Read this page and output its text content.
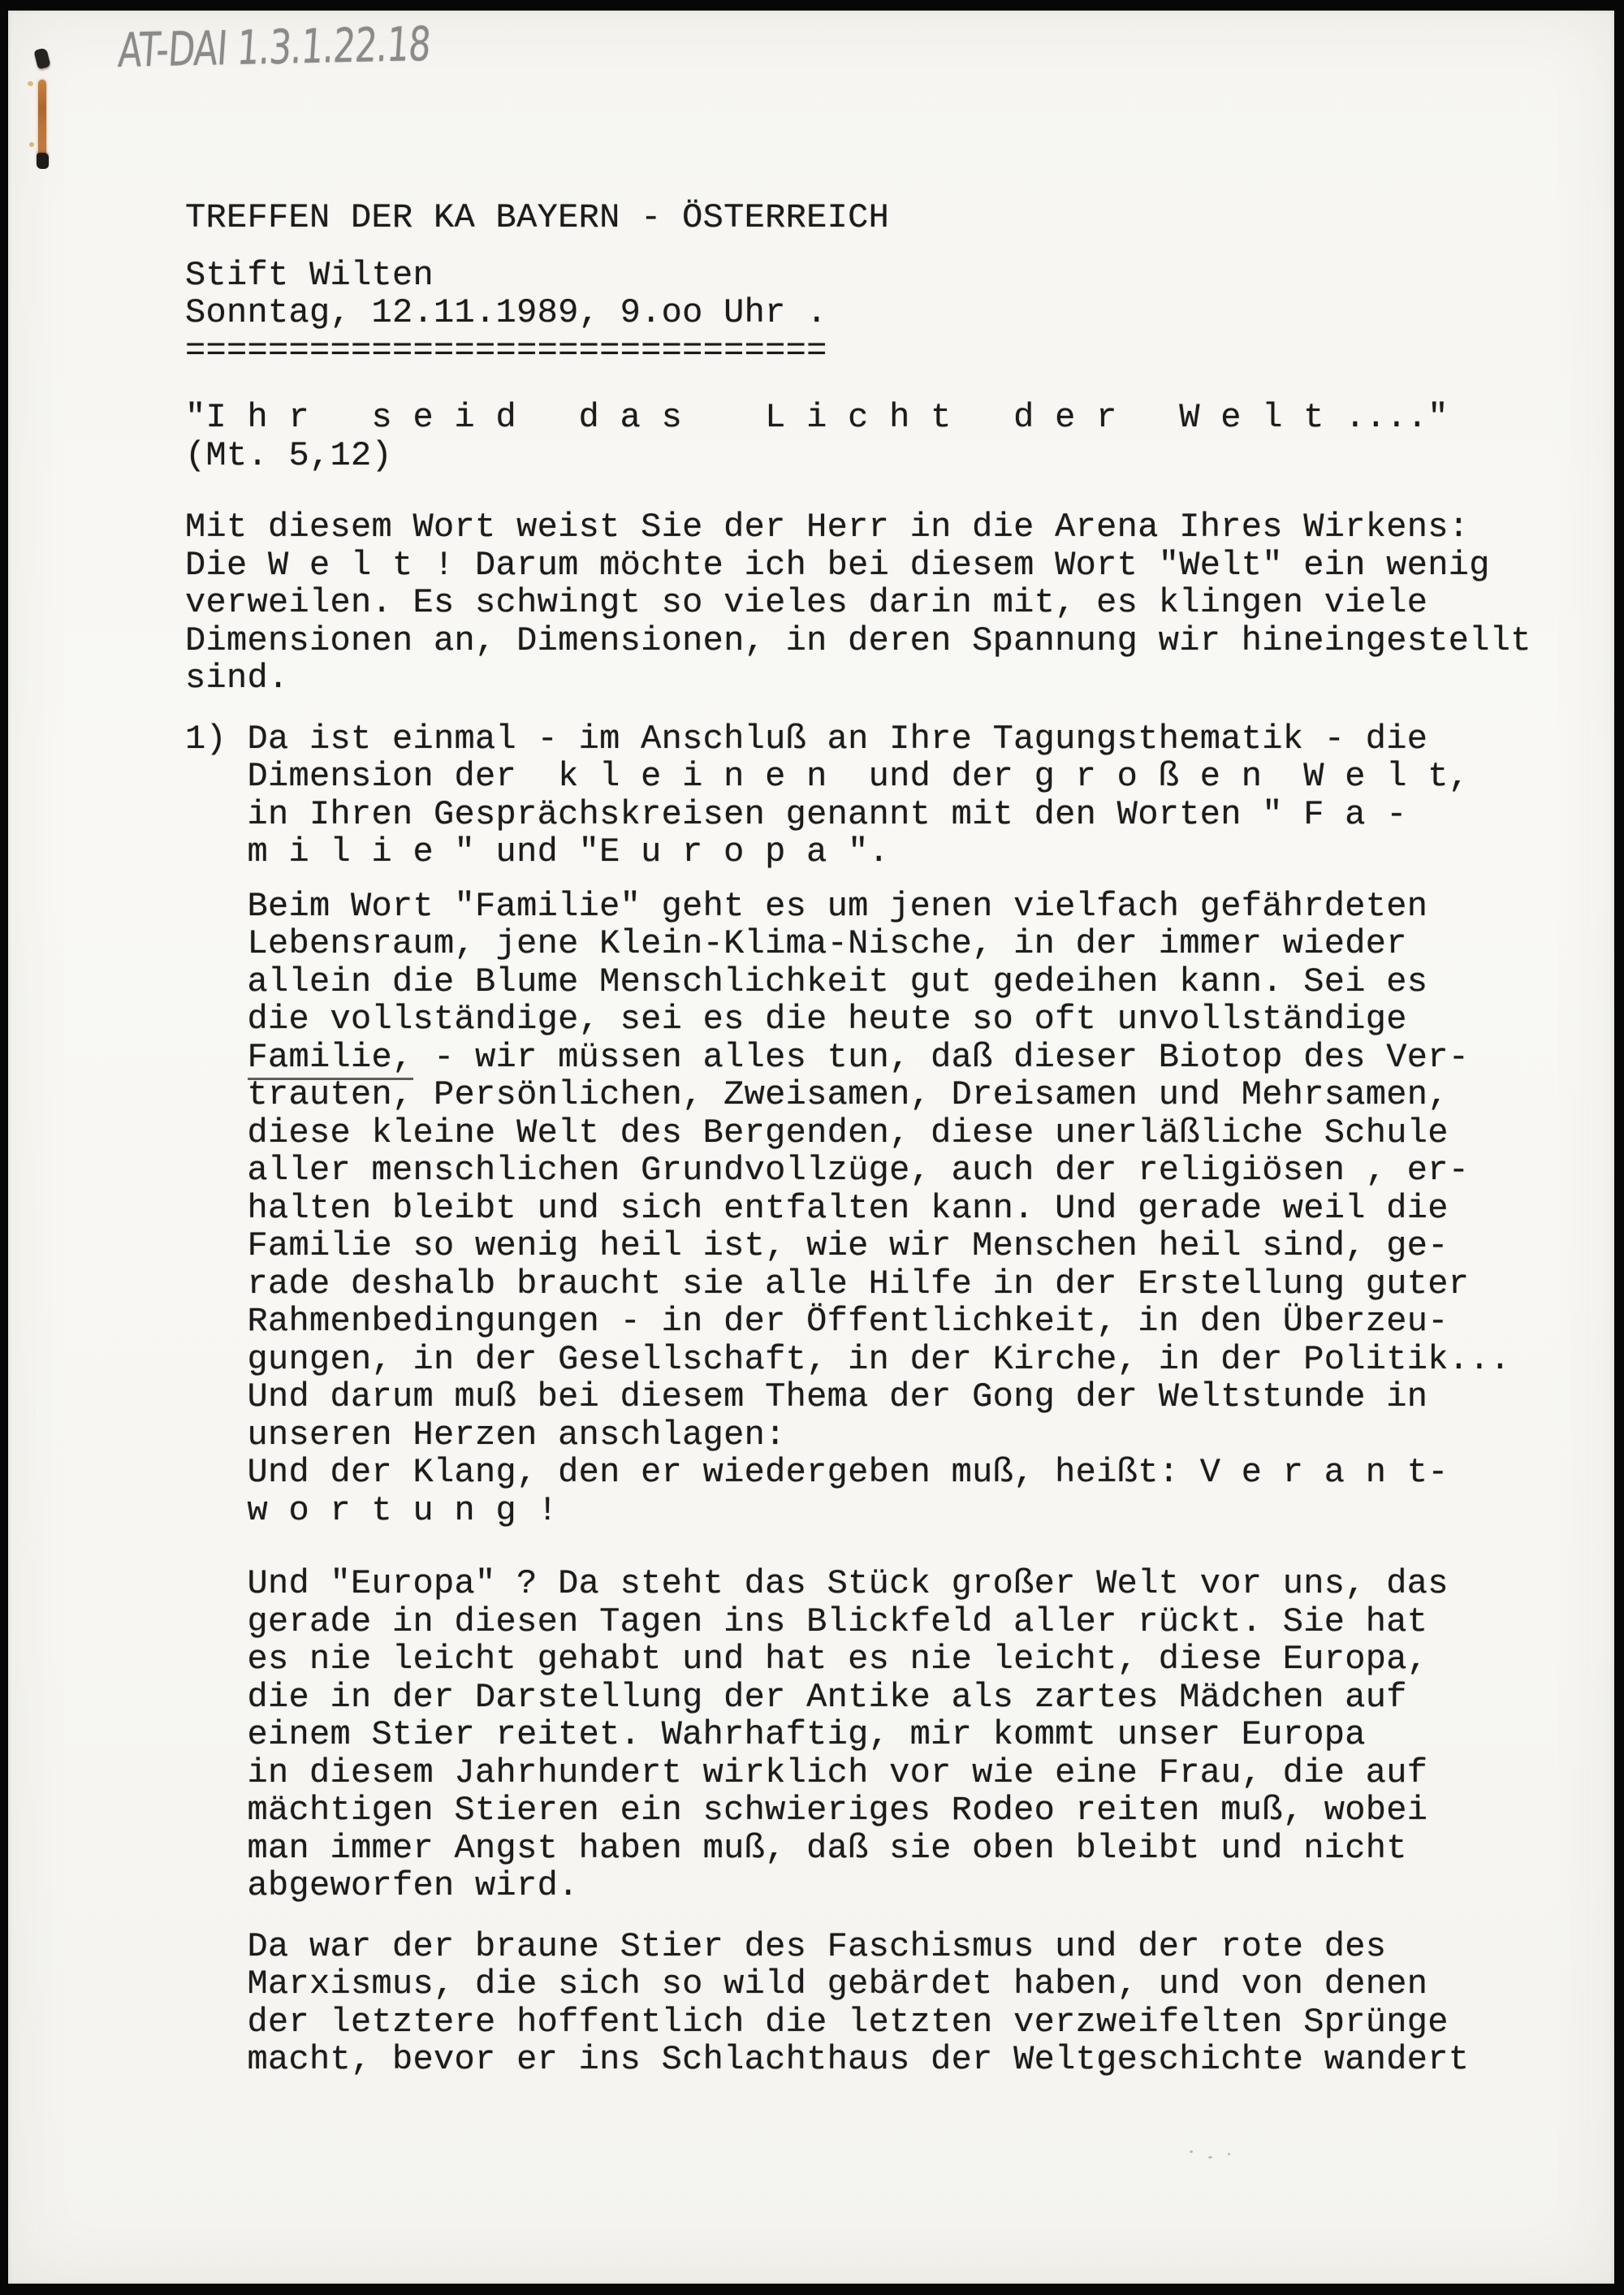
AT-DAI 1.3.1.22.18
TREFFEN DER KA BAYERN - ÖSTERREICH
Stift Wilten
Sonntag, 12.11.1989, 9.oo Uhr .
===============================
"I h r   s e i d   d a s    L i c h t   d e r   W e l t ...."
(Mt. 5,12)
Mit diesem Wort weist Sie der Herr in die Arena Ihres Wirkens:
Die W e l t ! Darum möchte ich bei diesem Wort "Welt" ein wenig
verweilen. Es schwingt so vieles darin mit, es klingen viele
Dimensionen an, Dimensionen, in deren Spannung wir hineingestellt
sind.
1) Da ist einmal - im Anschluß an Ihre Tagungsthematik - die
Dimension der  k l e i n e n  und der g r o ß e n  W e l t,
in Ihren Gesprächskreisen genannt mit den Worten " F a -
m i l i e " und "E u r o p a ".
Beim Wort "Familie" geht es um jenen vielfach gefährdeten
Lebensraum, jene Klein-Klima-Nische, in der immer wieder
allein die Blume Menschlichkeit gut gedeihen kann. Sei es
die vollständige, sei es die heute so oft unvollständige
Familie, - wir müssen alles tun, daß dieser Biotop des Ver-
trauten, Persönlichen, Zweisamen, Dreisamen und Mehrsamen,
diese kleine Welt des Bergenden, diese unerläßliche Schule
aller menschlichen Grundvollzüge, auch der religiösen , er-
halten bleibt und sich entfalten kann. Und gerade weil die
Familie so wenig heil ist, wie wir Menschen heil sind, ge-
rade deshalb braucht sie alle Hilfe in der Erstellung guter
Rahmenbedingungen - in der Öffentlichkeit, in den Überzeu-
gungen, in der Gesellschaft, in der Kirche, in der Politik...
Und darum muß bei diesem Thema der Gong der Weltstunde in
unseren Herzen anschlagen:
Und der Klang, den er wiedergeben muß, heißt: V e r a n t-
w o r t u n g !
Und "Europa" ? Da steht das Stück großer Welt vor uns, das
gerade in diesen Tagen ins Blickfeld aller rückt. Sie hat
es nie leicht gehabt und hat es nie leicht, diese Europa,
die in der Darstellung der Antike als zartes Mädchen auf
einem Stier reitet. Wahrhaftig, mir kommt unser Europa
in diesem Jahrhundert wirklich vor wie eine Frau, die auf
mächtigen Stieren ein schwieriges Rodeo reiten muß, wobei
man immer Angst haben muß, daß sie oben bleibt und nicht
abgeworfen wird.
Da war der braune Stier des Faschismus und der rote des
Marxismus, die sich so wild gebärdet haben, und von denen
der letztere hoffentlich die letzten verzweifelten Sprünge
macht, bevor er ins Schlachthaus der Weltgeschichte wandert
